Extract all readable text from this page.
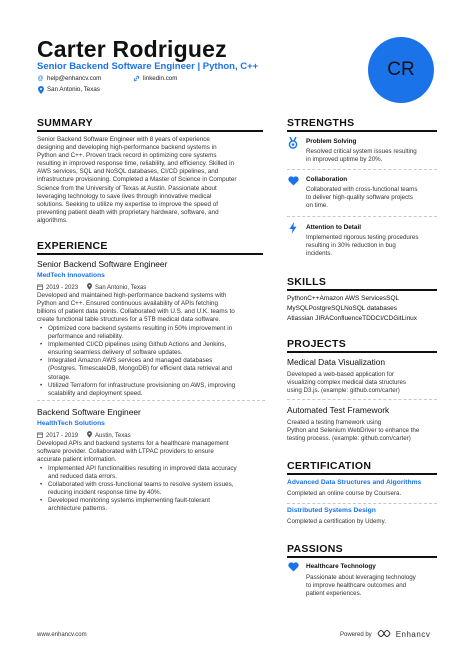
Carter Rodriguez
Senior Backend Software Engineer | Python, C++
@ help@enhancv.com	linkedin.com
San Antonio, Texas
CR
SUMMARY
Senior Backend Software Engineer with 8 years of experience
designing and developing high-performance backend systems in
Python and C++. Proven track record in optimizing core systems
resulting in improved response time, reliability, and efficiency. Skilled in
AWS services, SQL and NoSQL databases, CI/CD pipelines, and
infrastructure provisioning. Completed a Master of Science in Computer
Science from the University of Texas at Austin. Passionate about
leveraging technology to save lives through innovative medical
solutions. Seeking to utilize my expertise to improve the speed of
preventing patient death with proprietary hardware, software, and
algorithms.
EXPERIENCE
Senior Backend Software Engineer
MedTech Innovations
2019 - 2023	San Antonio, Texas
Developed and maintained high-performance backend systems with
Python and C++. Ensured continuous availability of APIs fetching
billions of patient data points. Collaborated with U.S. and U.K. teams to
create functional table structures for a 5TB medical data software.
• Optimized core backend systems resulting in 50% improvement in
performance and reliability.
• Implemented CI/CD pipelines using Github Actions and Jenkins,
ensuring seamless delivery of software updates.
• Integrated Amazon AWS services and managed databases
(Postgres, TimescaleDB, MongoDB) for efficient data retrieval and
storage.
• Utilized Terraform for infrastructure provisioning on AWS, improving
scalability and deployment speed.
Backend Software Engineer
HealthTech Solutions
2017 - 2019	Austin, Texas
Developed APIs and backend systems for a healthcare management
software provider. Collaborated with LTPAC providers to ensure
accurate patient information.
• Implemented API functionalities resulting in improved data accuracy
and reduced data errors.
• Collaborated with cross-functional teams to resolve system issues,
reducing incident response time by 40%.
• Developed monitoring systems implementing fault-tolerant
architecture patterns.
STRENGTHS
Problem Solving
Resolved critical system issues resulting
in improved uptime by 20%.
Collaboration
Collaborated with cross-functional teams
to deliver high-quality software projects
on time.
Attention to Detail
Implemented rigorous testing procedures
resulting in 30% reduction in bug
incidents.
SKILLS
PythonC++Amazon AWS ServicesSQL
MySQLPostgreSQLNoSQL databases
Atlassian JIRAConfluenceTDDCI/CDGitLinux
PROJECTS
Medical Data Visualization
Developed a web-based application for
visualizing complex medical data structures
using D3.js. (example: github.com/carter)
Automated Test Framework
Created a testing framework using
Python and Selenium WebDriver to enhance the
testing process. (example: github.com/carter)
CERTIFICATION
Advanced Data Structures and Algorithms
Completed an online course by Coursera.
Distributed Systems Design
Completed a certification by Udemy.
PASSIONS
Healthcare Technology
Passionate about leveraging technology
to improve healthcare outcomes and
patient experiences.
www.enhancv.com	Powered by	Enhancv
